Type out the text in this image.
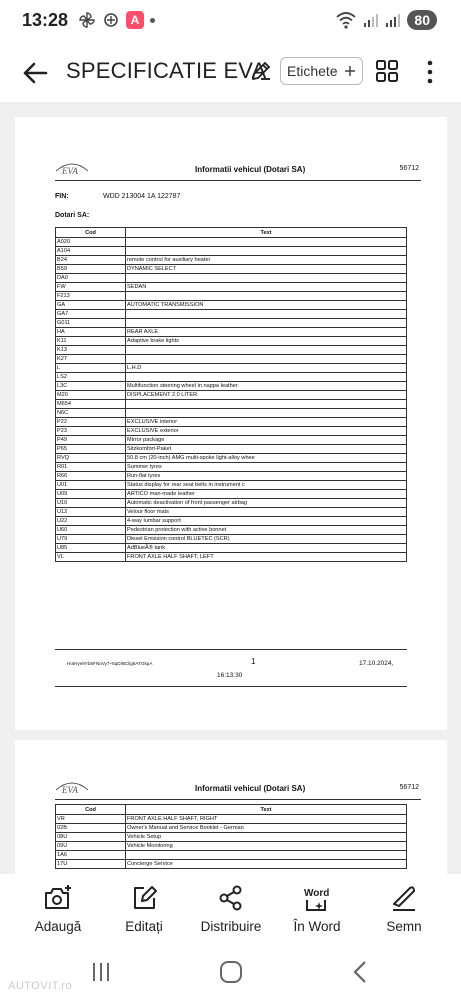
13:28	A	80
SPECIFICATIE EVA Etichete
EVA	Informatii vehicul (Dotari SA)	56712
FIN:	WDD 213004 1A 122787
Dotari SA:
Cod	Text
A020	
A104	
B24	remote control for auxiliary heater
B59	DYNAMIC SELECT
DA0	
FW	SEDAN
F213	
GA	AUTOMATIC TRANSMISSION
GA7	
G011	
HA	REAR AXLE
K11	Adaptive brake lights
K13	
K27	
L	L.H.D
LS2	
L3C	Multifunction steering wheel in nappa leather
M20	DISPLACEMENT 2.0 LITER
M654	
N6C	
P22	EXCLUSIVE interior
P23	EXCLUSIVE exterior
P49	Mirror package
P65	Sitzkomfort-Paket
RVQ	50.8 cm (20-inch) AMG multi-spoke light-alloy whee
R01	Summer tyres
R66	Run-flat tyres
U01	Status display for rear seat belts in instrument c
U09	ARTICO man-made leather
U10	Automatic deactivation of front passenger airbag
U12	Velour floor mats
U22	4-way lumbar support
U60	Pedestrian protection with active bonnet
U79	Diesel Emission control BLUETEC (SCR)
U85	AdBlueÂ® tank
VL	FRONT AXLE HALF SHAFT, LEFT
HotHye8Yb6FNoVy7+6qD/BClig6ATGkpA	1	17.10.2024,
16:13:30
EVA	Informatii vehicul (Dotari SA)	56712
Cod	Text
VR	FRONT AXLE HALF SHAFT, RIGHT
02B	Owner's Manual and Service Booklet - German
08U	Vehicle Setup
09U	Vehicle Monitoring
1A6	
17U	Concierge Service
Adaugă	Editați	Distribuire
Word
În Word	Semn
AUTOVIT.ro
